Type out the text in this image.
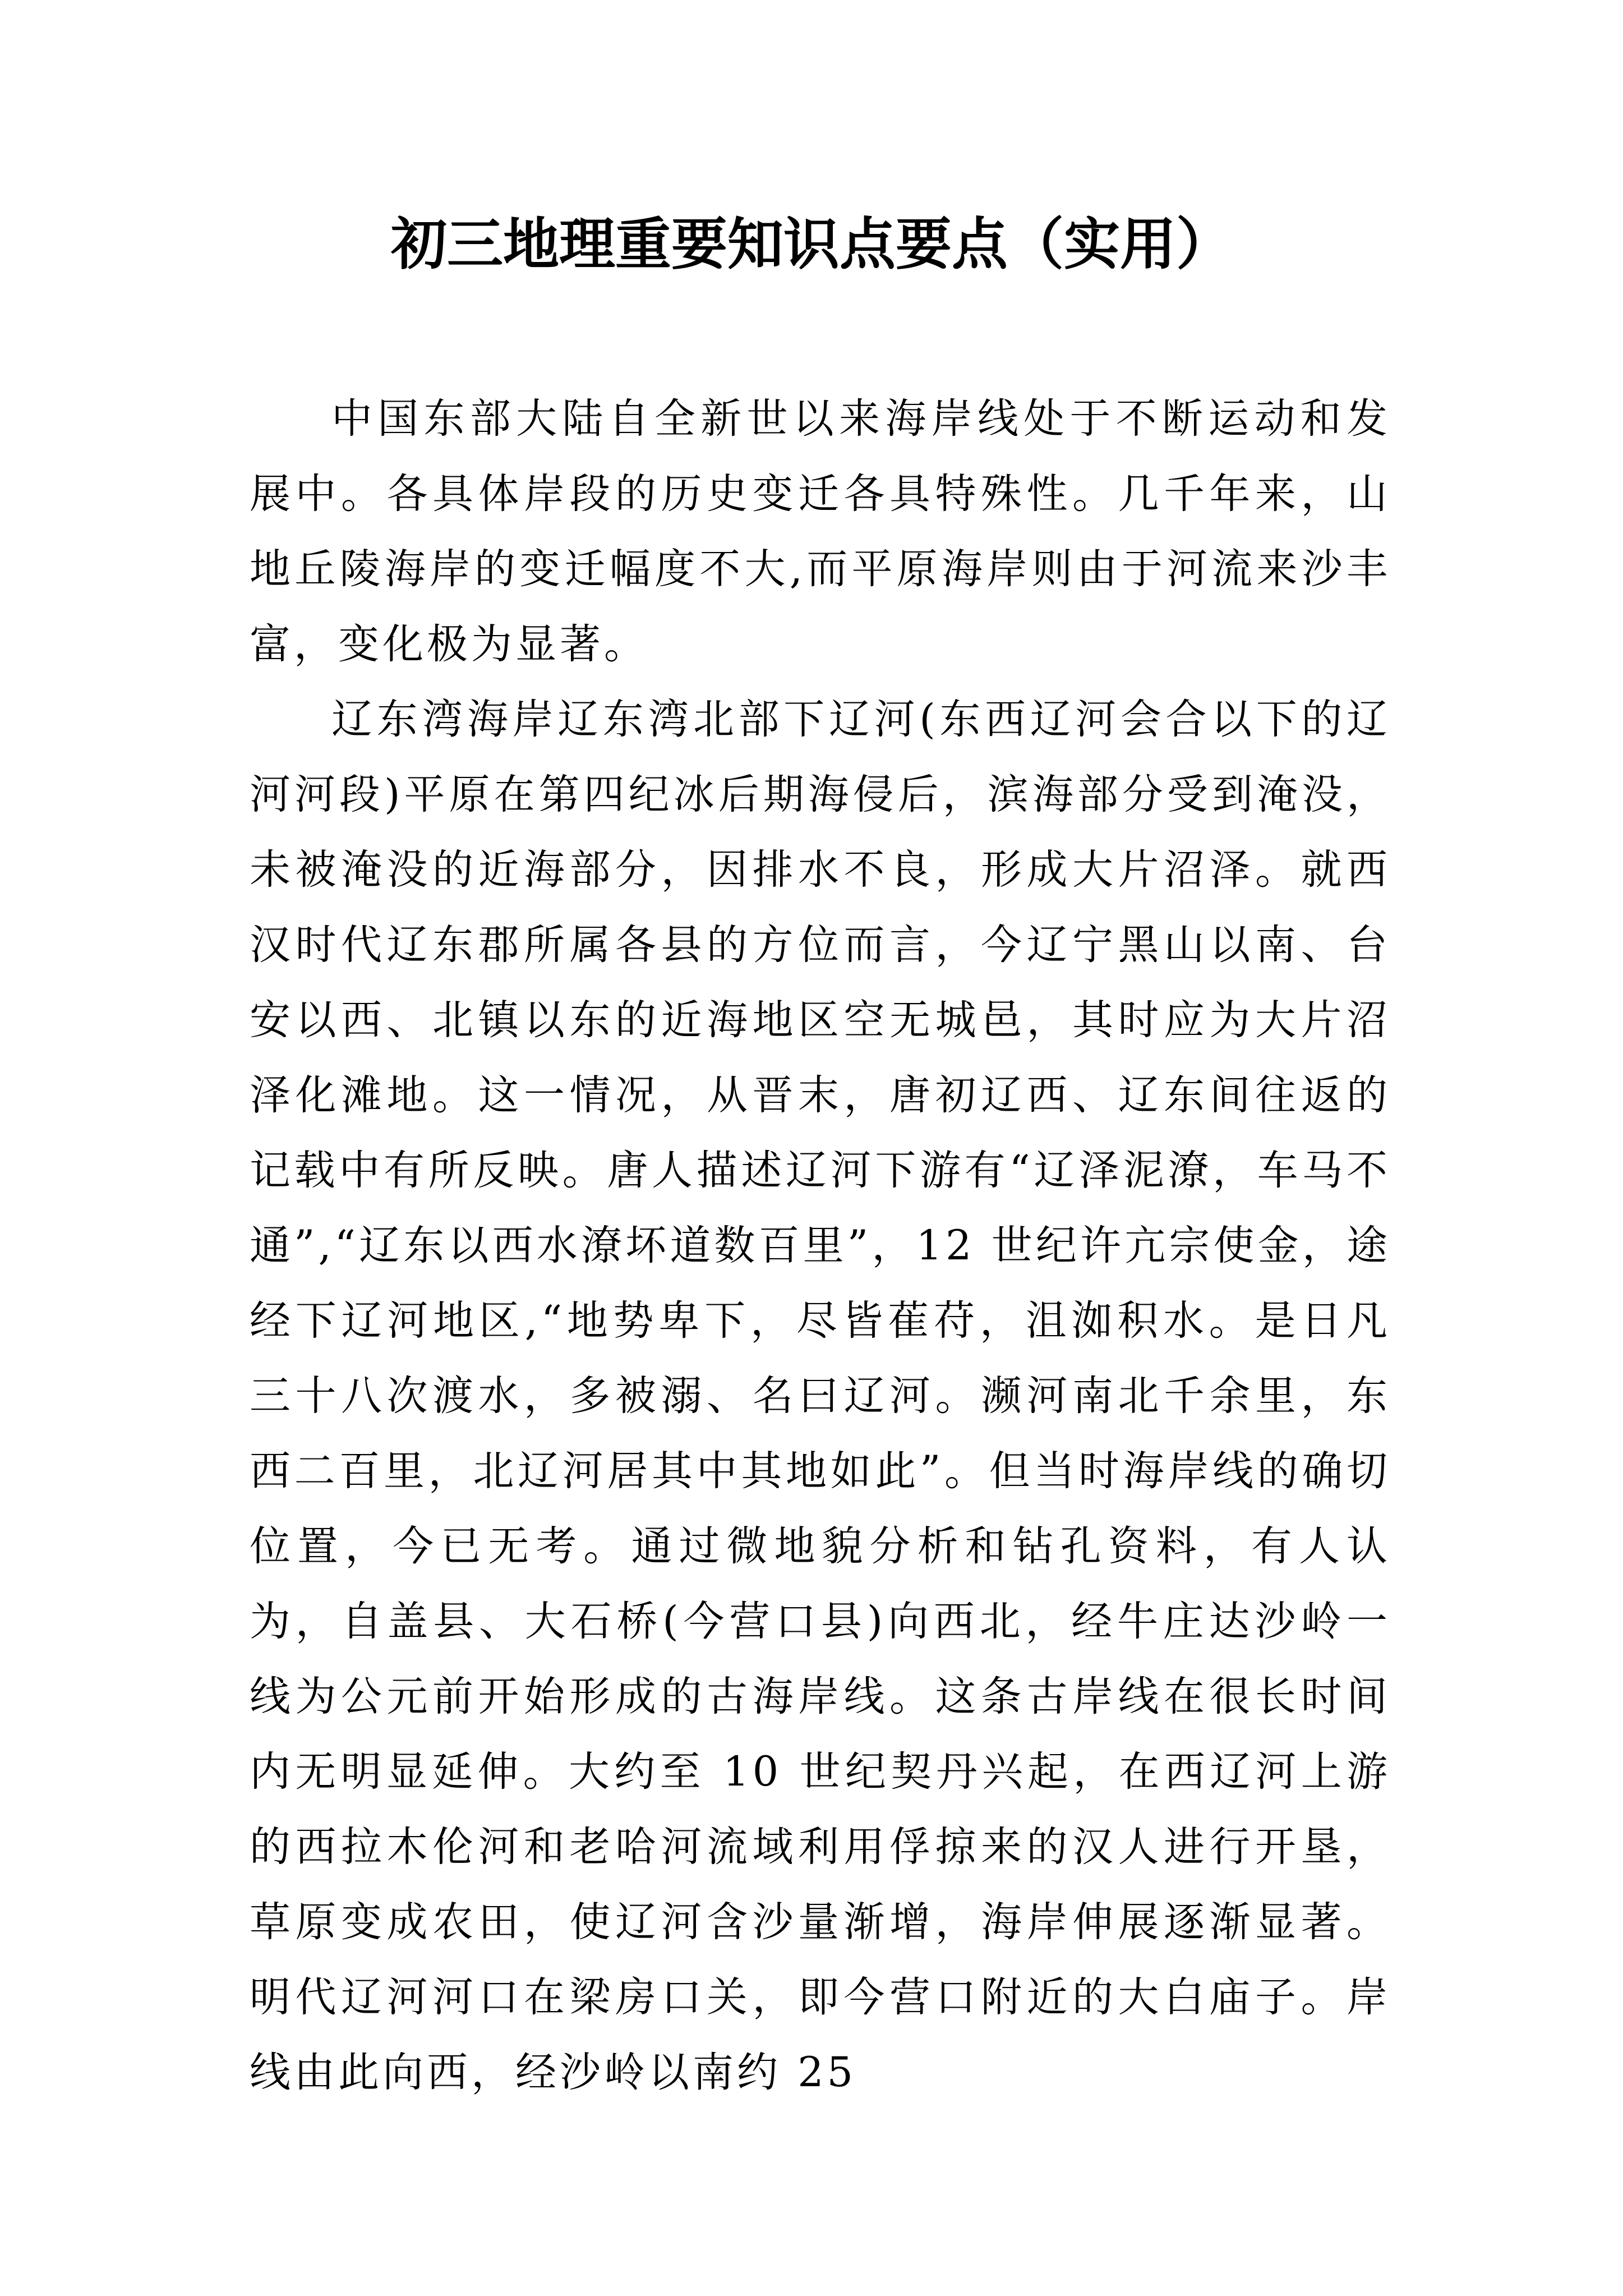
初三地理重要知识点要点（实用）

中国东部大陆自全新世以来海岸线处于不断运动和发展中。各具体岸段的历史变迁各具特殊性。几千年来，山地丘陵海岸的变迁幅度不大,而平原海岸则由于河流来沙丰富，变化极为显著。

辽东湾海岸辽东湾北部下辽河(东西辽河会合以下的辽河河段)平原在第四纪冰后期海侵后，滨海部分受到淹没，未被淹没的近海部分，因排水不良，形成大片沼泽。就西汉时代辽东郡所属各县的方位而言，今辽宁黑山以南、台安以西、北镇以东的近海地区空无城邑，其时应为大片沼泽化滩地。这一情况，从晋末，唐初辽西、辽东间往返的记载中有所反映。唐人描述辽河下游有“辽泽泥潦，车马不通”,“辽东以西水潦坏道数百里”，12 世纪许亢宗使金，途经下辽河地区,“地势卑下，尽皆萑苻，沮洳积水。是日凡三十八次渡水，多被溺、名曰辽河。濒河南北千余里，东西二百里，北辽河居其中其地如此”。但当时海岸线的确切位置，今已无考。通过微地貌分析和钻孔资料，有人认为，自盖县、大石桥(今营口县)向西北，经牛庄达沙岭一线为公元前开始形成的古海岸线。这条古岸线在很长时间内无明显延伸。大约至 10 世纪契丹兴起，在西辽河上游的西拉木伦河和老哈河流域利用俘掠来的汉人进行开垦，草原变成农田，使辽河含沙量渐增，海岸伸展逐渐显著。明代辽河河口在梁房口关，即今营口附近的大白庙子。岸线由此向西，经沙岭以南约 25
